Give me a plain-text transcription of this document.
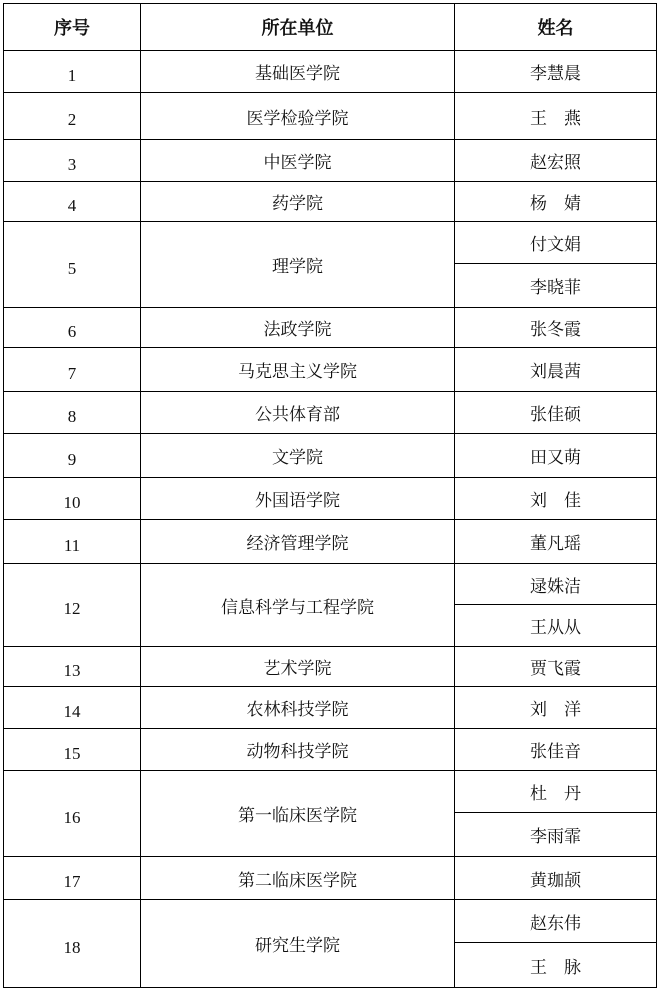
序号	所在单位	姓名
1	基础医学院	李慧晨
2	医学检验学院	王　燕
3	中医学院	赵宏照
4	药学院	杨　婧
5	理学院	付文娟
		李晓菲
6	法政学院	张冬霞
7	马克思主义学院	刘晨茜
8	公共体育部	张佳硕
9	文学院	田又萌
10	外国语学院	刘　佳
11	经济管理学院	董凡瑶
12	信息科学与工程学院	逯姝洁
		王从从
13	艺术学院	贾飞霞
14	农林科技学院	刘　洋
15	动物科技学院	张佳音
16	第一临床医学院	杜　丹
		李雨霏
17	第二临床医学院	黄珈颉
18	研究生学院	赵东伟
		王　脉
